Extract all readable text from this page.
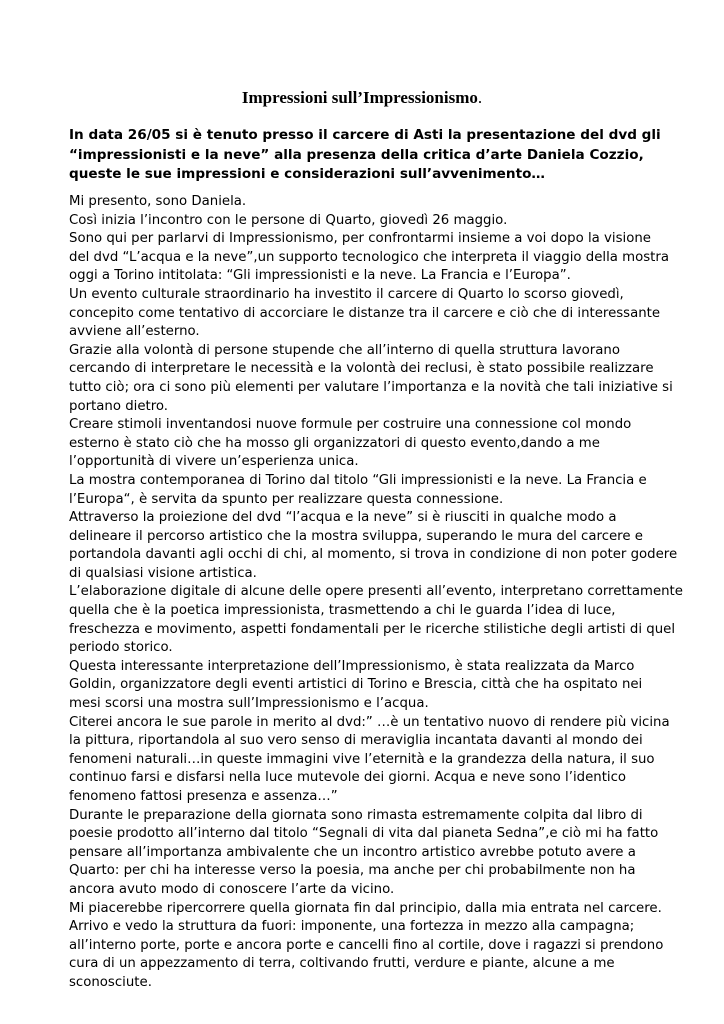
Impressioni sull’Impressionismo.
In data 26/05 si è tenuto presso il carcere di Asti la presentazione del dvd gli
“impressionisti e la neve” alla presenza della critica d’arte Daniela Cozzio,
queste le sue impressioni e considerazioni sull’avvenimento…
Mi presento, sono Daniela.
Così inizia l’incontro con le persone di Quarto, giovedì 26 maggio.
Sono qui per parlarvi di Impressionismo, per confrontarmi insieme a voi dopo la visione
del dvd “L’acqua e la neve”,un supporto tecnologico che interpreta il viaggio della mostra
oggi a Torino intitolata: “Gli impressionisti e la neve. La Francia e l’Europa”.
Un evento culturale straordinario ha investito il carcere di Quarto lo scorso giovedì,
concepito come tentativo di accorciare le distanze tra il carcere e ciò che di interessante
avviene all’esterno.
Grazie alla volontà di persone stupende che all’interno di quella struttura lavorano
cercando di interpretare le necessità e la volontà dei reclusi, è stato possibile realizzare
tutto ciò; ora ci sono più elementi per valutare l’importanza e la novità che tali iniziative si
portano dietro.
Creare stimoli inventandosi nuove formule per costruire una connessione col mondo
esterno è stato ciò che ha mosso gli organizzatori di questo evento,dando a me
l’opportunità di vivere un’esperienza unica.
La mostra contemporanea di Torino dal titolo “Gli impressionisti e la neve. La Francia e
l’Europa“, è servita da spunto per realizzare questa connessione.
Attraverso la proiezione del dvd “l’acqua e la neve” si è riusciti in qualche modo a
delineare il percorso artistico che la mostra sviluppa, superando le mura del carcere e
portandola davanti agli occhi di chi, al momento, si trova in condizione di non poter godere
di qualsiasi visione artistica.
L’elaborazione digitale di alcune delle opere presenti all’evento, interpretano correttamente
quella che è la poetica impressionista, trasmettendo a chi le guarda l’idea di luce,
freschezza e movimento, aspetti fondamentali per le ricerche stilistiche degli artisti di quel
periodo storico.
Questa interessante interpretazione dell’Impressionismo, è stata realizzata da Marco
Goldin, organizzatore degli eventi artistici di Torino e Brescia, città che ha ospitato nei
mesi scorsi una mostra sull’Impressionismo e l’acqua.
Citerei ancora le sue parole in merito al dvd:” …è un tentativo nuovo di rendere più vicina
la pittura, riportandola al suo vero senso di meraviglia incantata davanti al mondo dei
fenomeni naturali…in queste immagini vive l’eternità e la grandezza della natura, il suo
continuo farsi e disfarsi nella luce mutevole dei giorni. Acqua e neve sono l’identico
fenomeno fattosi presenza e assenza…”
Durante le preparazione della giornata sono rimasta estremamente colpita dal libro di
poesie prodotto all’interno dal titolo “Segnali di vita dal pianeta Sedna”,e ciò mi ha fatto
pensare all’importanza ambivalente che un incontro artistico avrebbe potuto avere a
Quarto: per chi ha interesse verso la poesia, ma anche per chi probabilmente non ha
ancora avuto modo di conoscere l’arte da vicino.
Mi piacerebbe ripercorrere quella giornata fin dal principio, dalla mia entrata nel carcere.
Arrivo e vedo la struttura da fuori: imponente, una fortezza in mezzo alla campagna;
all’interno porte, porte e ancora porte e cancelli fino al cortile, dove i ragazzi si prendono
cura di un appezzamento di terra, coltivando frutti, verdure e piante, alcune a me
sconosciute.
